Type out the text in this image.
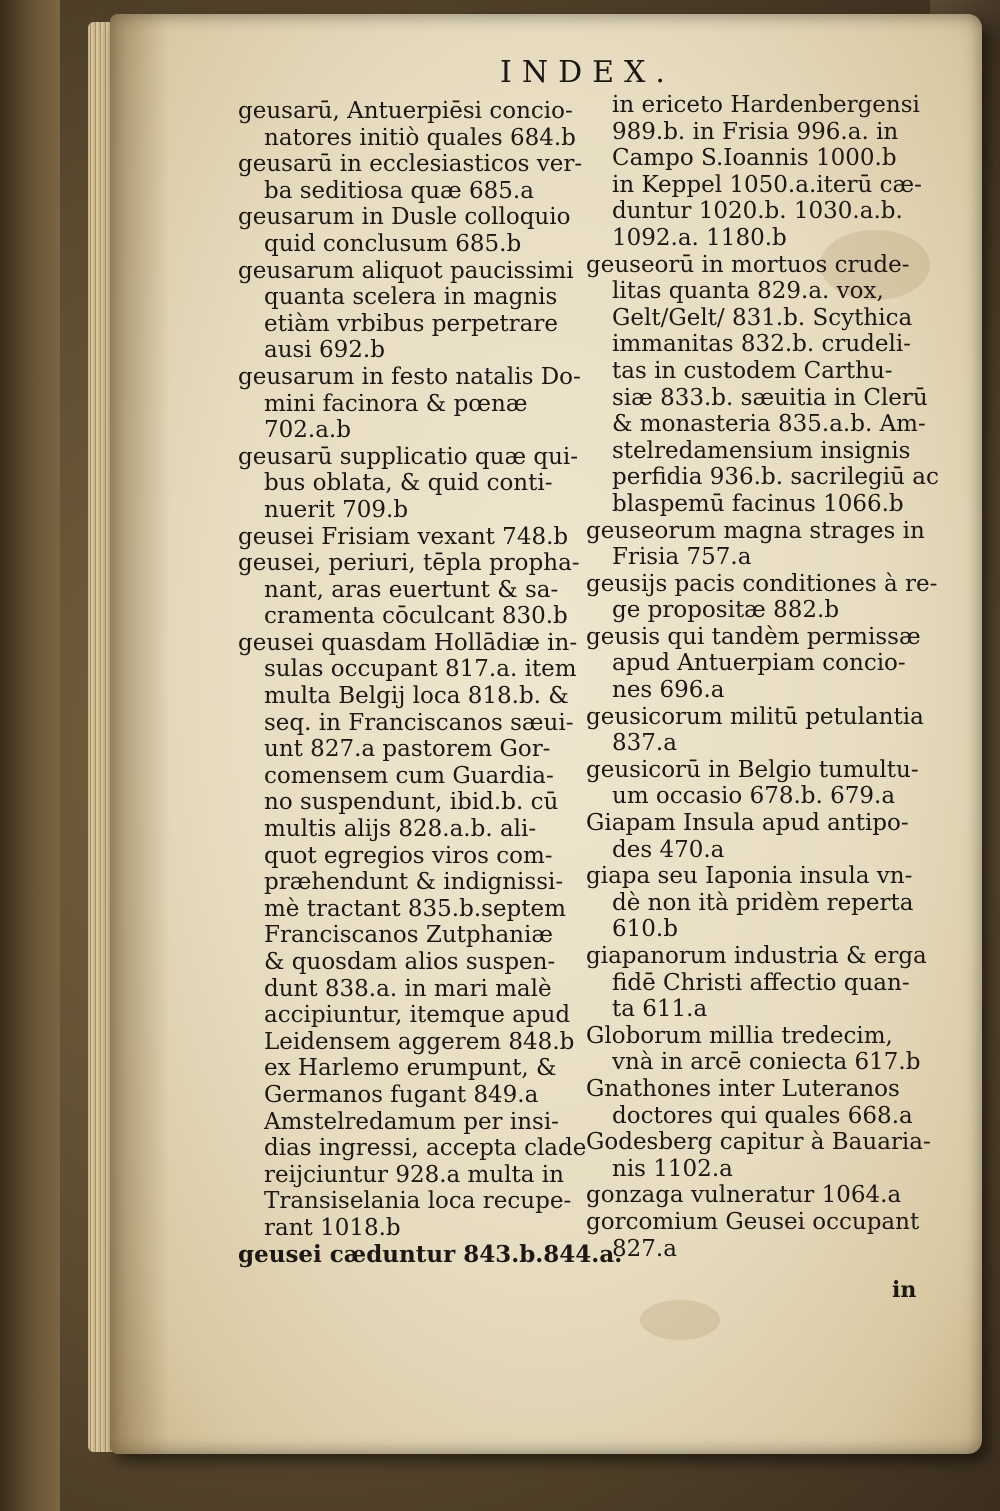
INDEX.
geusarū, Antuerpiēsi concio-
natores initiò quales 684.b
geusarū in ecclesiasticos ver-
ba seditiosa quæ 685.a
geusarum in Dusle colloquio
quid conclusum 685.b
geusarum aliquot paucissimi
quanta scelera in magnis
etiàm vrbibus perpetrare
ausi 692.b
geusarum in festo natalis Do-
mini facinora & pœnæ
702.a.b
geusarū supplicatio quæ qui-
bus oblata, & quid conti-
nuerit 709.b
geusei Frisiam vexant 748.b
geusei, periuri, tēpla propha-
nant, aras euertunt & sa-
cramenta cōculcant 830.b
geusei quasdam Hollādiæ in-
sulas occupant 817.a. item
multa Belgij loca 818.b. &
seq. in Franciscanos sæui-
unt 827.a pastorem Gor-
comensem cum Guardia-
no suspendunt, ibid.b. cū
multis alijs 828.a.b. ali-
quot egregios viros com-
præhendunt & indignissi-
mè tractant 835.b.septem
Franciscanos Zutphaniæ
& quosdam alios suspen-
dunt 838.a. in mari malè
accipiuntur, itemque apud
Leidensem aggerem 848.b
ex Harlemo erumpunt, &
Germanos fugant 849.a
Amstelredamum per insi-
dias ingressi, accepta clade
reijciuntur 928.a multa in
Transiselania loca recupe-
rant 1018.b
geusei cæduntur 843.b.844.a.
in ericeto Hardenbergensi
989.b. in Frisia 996.a. in
Campo S.Ioannis 1000.b
in Keppel 1050.a.iterū cæ-
duntur 1020.b. 1030.a.b.
1092.a. 1180.b
geuseorū in mortuos crude-
litas quanta 829.a. vox,
Gelt/Gelt/ 831.b. Scythica
immanitas 832.b. crudeli-
tas in custodem Carthu-
siæ 833.b. sæuitia in Clerū
& monasteria 835.a.b. Am-
stelredamensium insignis
perfidia 936.b. sacrilegiū ac
blaspemū facinus 1066.b
geuseorum magna strages in
Frisia 757.a
geusijs pacis conditiones à re-
ge propositæ 882.b
geusis qui tandèm permissæ
apud Antuerpiam concio-
nes 696.a
geusicorum militū petulantia
837.a
geusicorū in Belgio tumultu-
um occasio 678.b. 679.a
Giapam Insula apud antipo-
des 470.a
giapa seu Iaponia insula vn-
dè non ità pridèm reperta
610.b
giapanorum industria & erga
fidē Christi affectio quan-
ta 611.a
Globorum millia tredecim,
vnà in arcē coniecta 617.b
Gnathones inter Luteranos
doctores qui quales 668.a
Godesberg capitur à Bauaria-
nis 1102.a
gonzaga vulneratur 1064.a
gorcomium Geusei occupant
827.a
in
